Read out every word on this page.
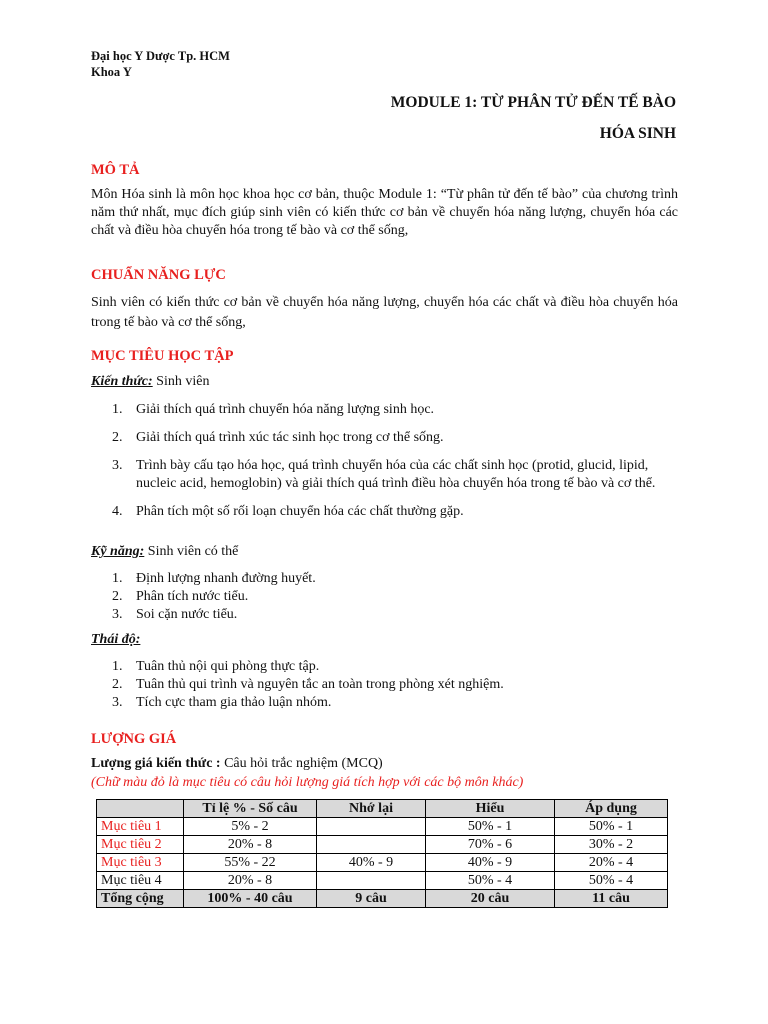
Đại học Y Dược Tp. HCM
Khoa Y
MODULE 1: TỪ PHÂN TỬ ĐẾN TẾ BÀO
HÓA SINH
MÔ TẢ
Môn Hóa sinh là môn học khoa học cơ bản, thuộc Module 1: “Từ phân tử đến tế bào” của chương trình năm thứ nhất, mục đích giúp sinh viên có kiến thức cơ bản về chuyển hóa năng lượng, chuyển hóa các chất và điều hòa chuyển hóa trong tế bào và cơ thể sống,
CHUẨN NĂNG LỰC
Sinh viên có kiến thức cơ bản về chuyển hóa năng lượng, chuyển hóa các chất và điều hòa chuyển hóa trong tế bào và cơ thể sống,
MỤC TIÊU HỌC TẬP
Kiến thức: Sinh viên
1. Giải thích quá trình chuyển hóa năng lượng sinh học.
2. Giải thích quá trình xúc tác sinh học trong cơ thể sống.
3. Trình bày cấu tạo hóa học, quá trình chuyển hóa của các chất sinh học (protid, glucid, lipid, nucleic acid, hemoglobin) và giải thích quá trình điều hòa chuyển hóa trong tế bào và cơ thể.
4. Phân tích một số rối loạn chuyển hóa các chất thường gặp.
Kỹ năng: Sinh viên có thể
1. Định lượng nhanh đường huyết.
2. Phân tích nước tiểu.
3. Soi cặn nước tiểu.
Thái độ:
1. Tuân thủ nội qui phòng thực tập.
2. Tuân thủ qui trình và nguyên tắc an toàn trong phòng xét nghiệm.
3. Tích cực tham gia thảo luận nhóm.
LƯỢNG GIÁ
Lượng giá kiến thức : Câu hỏi trắc nghiệm (MCQ)
(Chữ màu đỏ là mục tiêu có câu hỏi lượng giá tích hợp với các bộ môn khác)
	Tỉ lệ % - Số câu	Nhớ lại	Hiểu	Áp dụng
Mục tiêu 1	5% - 2		50% - 1	50% - 1
Mục tiêu 2	20% - 8		70% - 6	30% - 2
Mục tiêu 3	55% - 22	40% - 9	40% - 9	20% - 4
Mục tiêu 4	20% - 8		50% - 4	50% - 4
Tổng cộng	100% - 40 câu	9 câu	20 câu	11 câu
